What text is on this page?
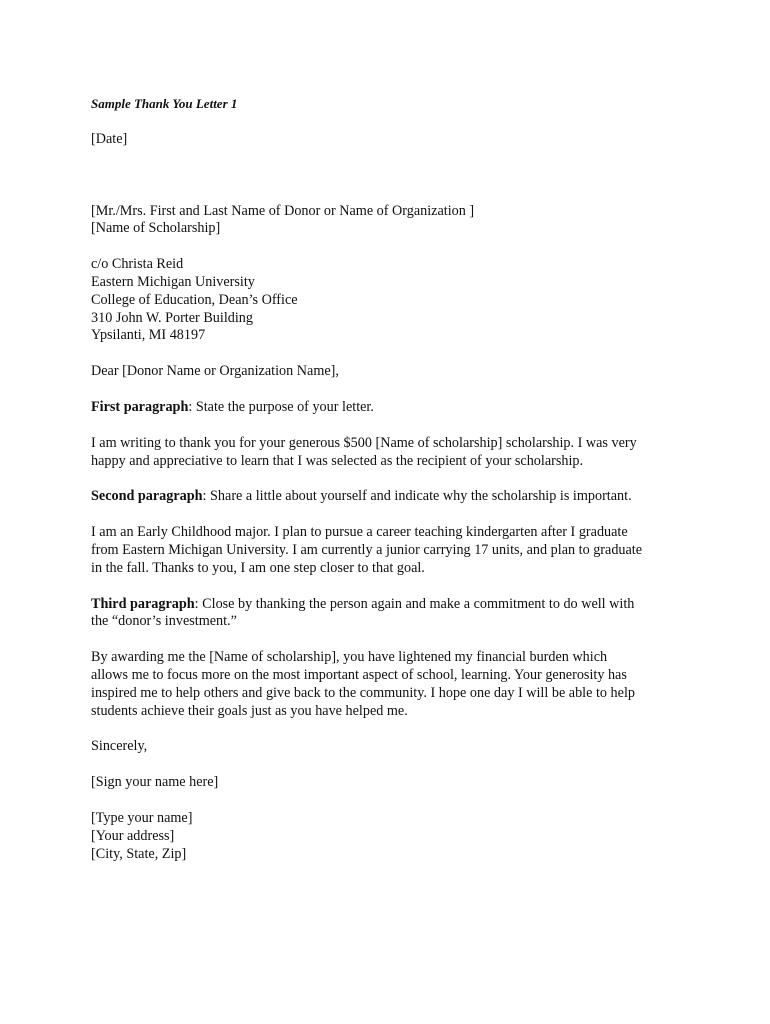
Sample Thank You Letter 1
[Date]
[Mr./Mrs. First and Last Name of Donor or Name of Organization ]
[Name of Scholarship]
c/o Christa Reid
Eastern Michigan University
College of Education, Dean’s Office
310 John W. Porter Building
Ypsilanti, MI 48197
Dear [Donor Name or Organization Name],
First paragraph: State the purpose of your letter.
I am writing to thank you for your generous $500 [Name of scholarship] scholarship. I was very
happy and appreciative to learn that I was selected as the recipient of your scholarship.
Second paragraph: Share a little about yourself and indicate why the scholarship is important.
I am an Early Childhood major. I plan to pursue a career teaching kindergarten after I graduate
from Eastern Michigan University. I am currently a junior carrying 17 units, and plan to graduate
in the fall. Thanks to you, I am one step closer to that goal.
Third paragraph: Close by thanking the person again and make a commitment to do well with
the “donor’s investment.”
By awarding me the [Name of scholarship], you have lightened my financial burden which
allows me to focus more on the most important aspect of school, learning. Your generosity has
inspired me to help others and give back to the community. I hope one day I will be able to help
students achieve their goals just as you have helped me.
Sincerely,
[Sign your name here]
[Type your name]
[Your address]
[City, State, Zip]
